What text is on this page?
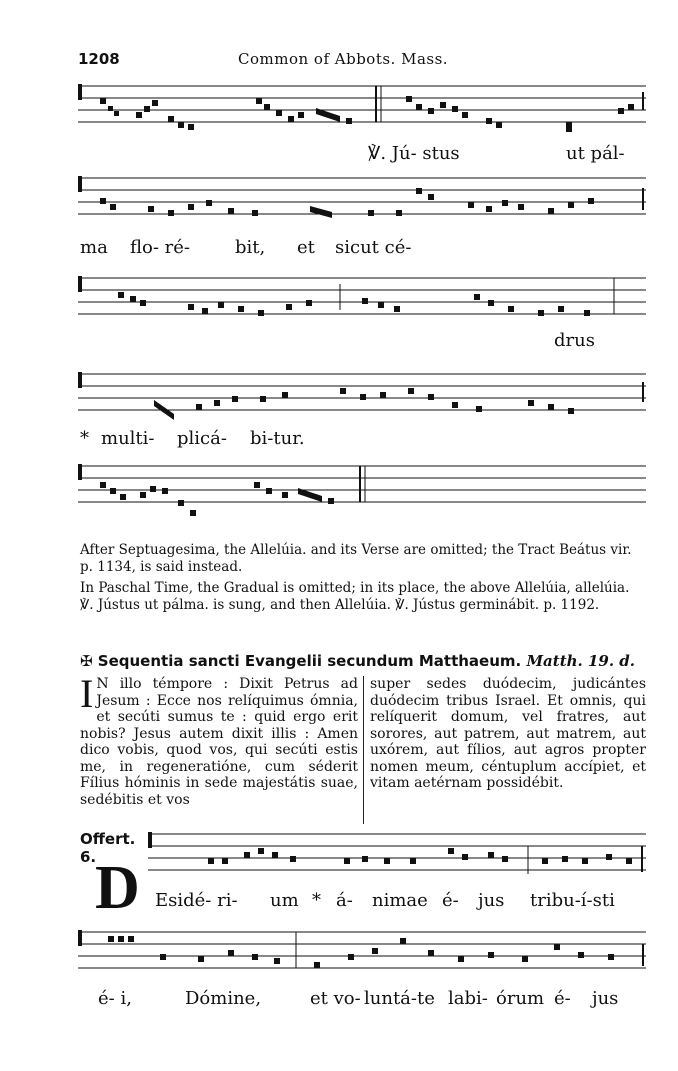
1208	Common of Abbots. Mass.
℣. Jú- stus	ut pál-
ma flo- ré-	bit, et sicut cé-
drus
* multi- plicá- bi-tur.
After Septuagesima, the Allelúia. and its Verse are omitted; the Tract Beátus vir. p. 1134, is said instead.
In Paschal Time, the Gradual is omitted; in its place, the above Allelúia, allelúia. ℣. Jústus ut pálma. is sung, and then Allelúia. ℣. Jústus germinábit. p. 1192.
✠ Sequentia sancti Evangelii secundum Matthaeum. Matth. 19. d.
I N illo témpore : Dixit Petrus ad Jesum : Ecce nos relíquimus ómnia, et secúti sumus te : quid ergo erit nobis? Jesus autem dixit illis : Amen dico vobis, quod vos, qui secúti estis me, in regeneratióne, cum séderit Fílius hóminis in sede majestátis suae, sedébitis et vos
super sedes duódecim, judicántes duódecim tribus Israel. Et omnis, qui relíquerit domum, vel fratres, aut sorores, aut patrem, aut matrem, aut uxórem, aut fílios, aut agros propter nomen meum, céntuplum accípiet, et vitam aetérnam possidébit.
Offert.
6.
D Esidé- ri- um * á- nimae é- jus tribu-í-sti
é- i,	Dómine,	et vo- luntá-te labi- órum é- jus
